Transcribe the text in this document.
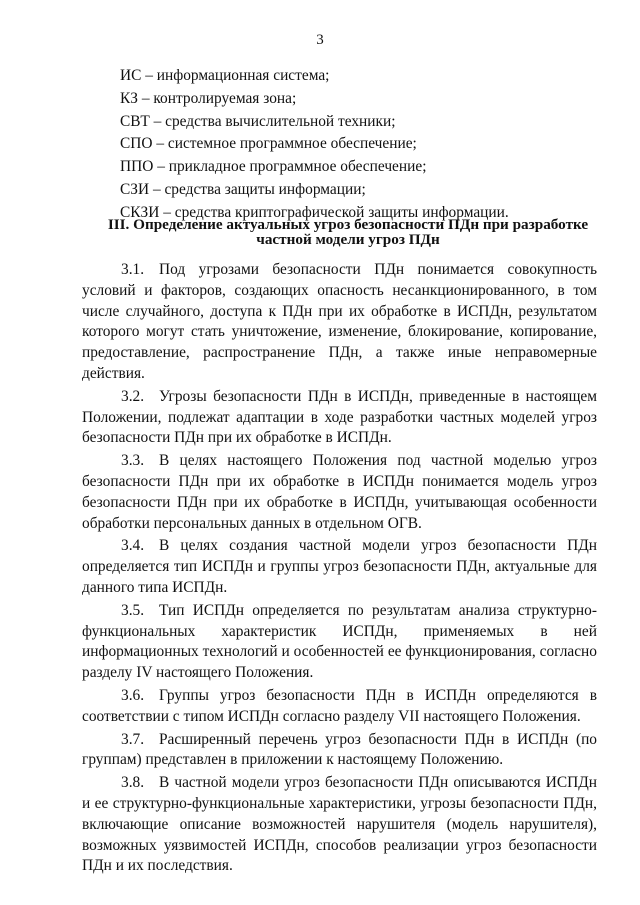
3
ИС – информационная система;
КЗ – контролируемая зона;
СВТ – средства вычислительной техники;
СПО – системное программное обеспечение;
ППО – прикладное программное обеспечение;
СЗИ – средства защиты информации;
СКЗИ – средства криптографической защиты информации.
III. Определение актуальных угроз безопасности ПДн при разработке
частной модели угроз ПДн

3.1. Под угрозами безопасности ПДн понимается совокупность условий и факторов, создающих опасность несанкционированного, в том числе случайного, доступа к ПДн при их обработке в ИСПДн, результатом которого могут стать уничтожение, изменение, блокирование, копирование, предоставление, распространение ПДн, а также иные неправомерные действия.

3.2. Угрозы безопасности ПДн в ИСПДн, приведенные в настоящем Положении, подлежат адаптации в ходе разработки частных моделей угроз безопасности ПДн при их обработке в ИСПДн.

3.3. В целях настоящего Положения под частной моделью угроз безопасности ПДн при их обработке в ИСПДн понимается модель угроз безопасности ПДн при их обработке в ИСПДн, учитывающая особенности обработки персональных данных в отдельном ОГВ.

3.4. В целях создания частной модели угроз безопасности ПДн определяется тип ИСПДн и группы угроз безопасности ПДн, актуальные для данного типа ИСПДн.

3.5. Тип ИСПДн определяется по результатам анализа структурно-функциональных характеристик ИСПДн, применяемых в ней информационных технологий и особенностей ее функционирования, согласно разделу IV настоящего Положения.

3.6. Группы угроз безопасности ПДн в ИСПДн определяются в соответствии с типом ИСПДн согласно разделу VII настоящего Положения.

3.7. Расширенный перечень угроз безопасности ПДн в ИСПДн (по группам) представлен в приложении к настоящему Положению.

3.8. В частной модели угроз безопасности ПДн описываются ИСПДн и ее структурно-функциональные характеристики, угрозы безопасности ПДн, включающие описание возможностей нарушителя (модель нарушителя), возможных уязвимостей ИСПДн, способов реализации угроз безопасности ПДн и их последствия.
